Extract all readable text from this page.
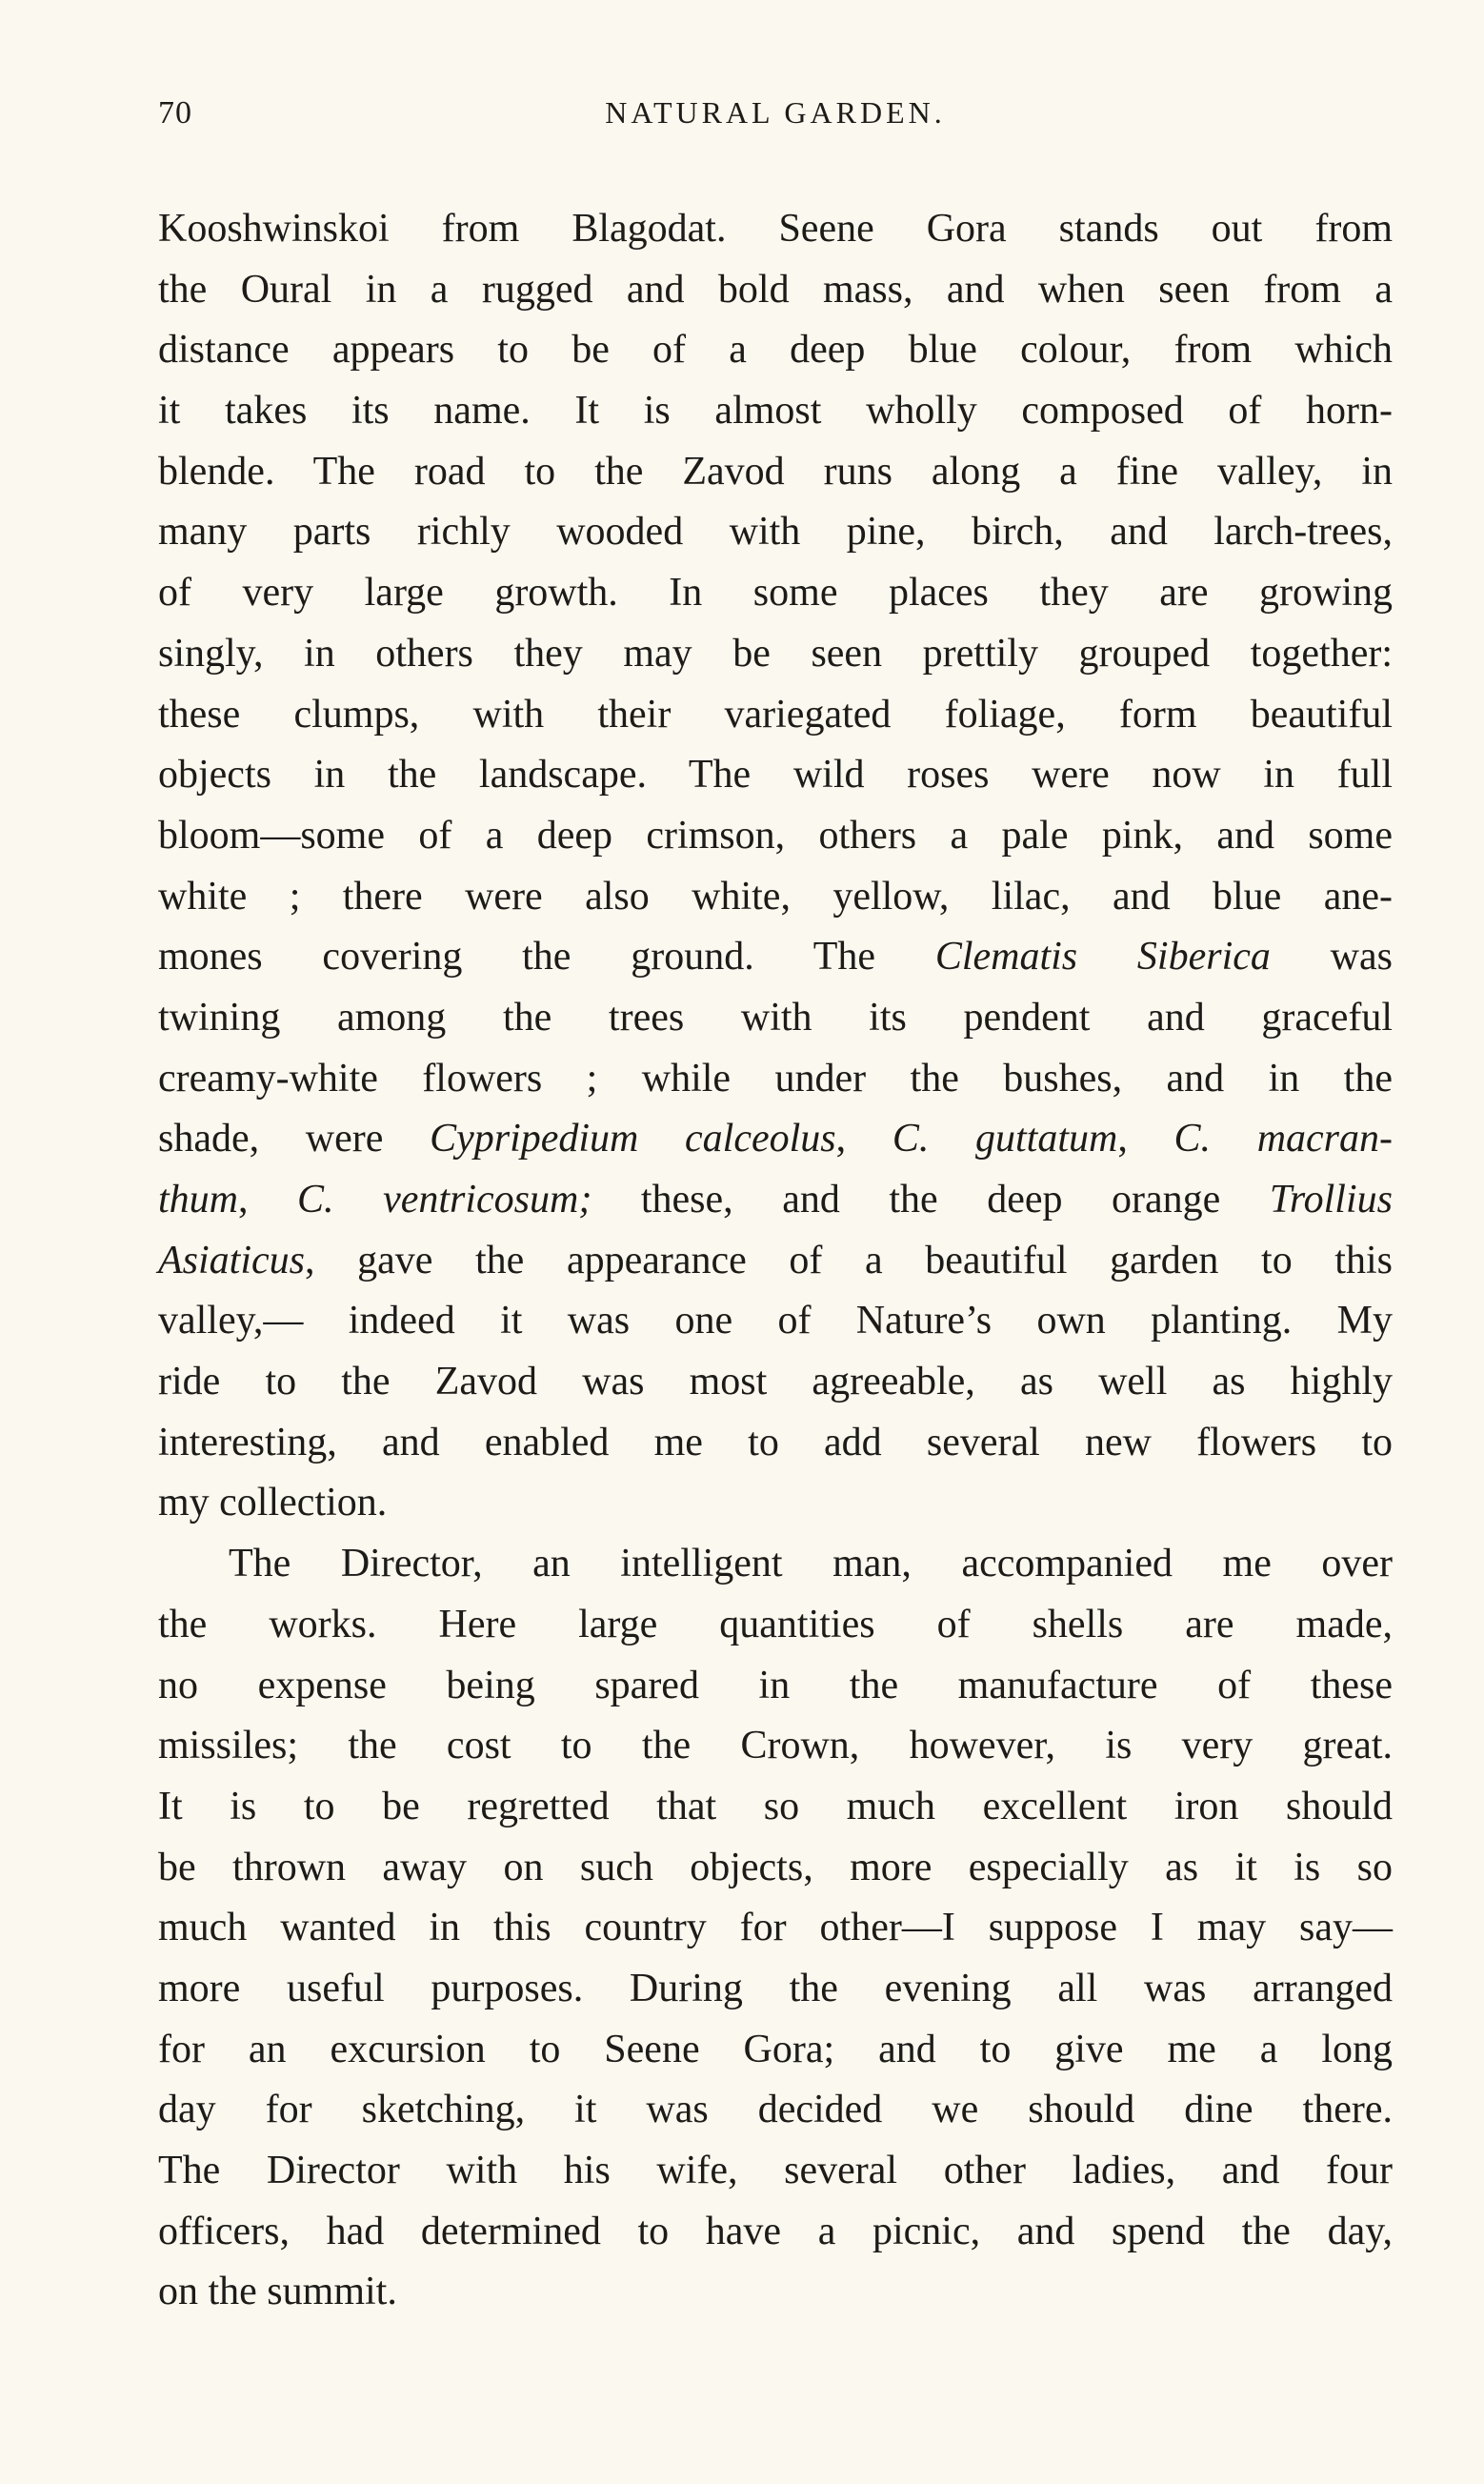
70	NATURAL GARDEN.
Kooshwinskoi from Blagodat. Seene Gora stands out from
the Oural in a rugged and bold mass, and when seen from a
distance appears to be of a deep blue colour, from which
it takes its name. It is almost wholly composed of horn-
blende. The road to the Zavod runs along a fine valley, in
many parts richly wooded with pine, birch, and larch-trees,
of very large growth. In some places they are growing
singly, in others they may be seen prettily grouped together:
these clumps, with their variegated foliage, form beautiful
objects in the landscape. The wild roses were now in full
bloom—some of a deep crimson, others a pale pink, and some
white ; there were also white, yellow, lilac, and blue ane-
mones covering the ground. The Clematis Siberica was
twining among the trees with its pendent and graceful
creamy-white flowers ; while under the bushes, and in the
shade, were Cypripedium calceolus, C. guttatum, C. macran-
thum, C. ventricosum; these, and the deep orange Trollius
Asiaticus, gave the appearance of a beautiful garden to this
valley,— indeed it was one of Nature’s own planting. My
ride to the Zavod was most agreeable, as well as highly
interesting, and enabled me to add several new flowers to
my collection.
The Director, an intelligent man, accompanied me over
the works. Here large quantities of shells are made,
no expense being spared in the manufacture of these
missiles; the cost to the Crown, however, is very great.
It is to be regretted that so much excellent iron should
be thrown away on such objects, more especially as it is so
much wanted in this country for other—I suppose I may say—
more useful purposes. During the evening all was arranged
for an excursion to Seene Gora; and to give me a long
day for sketching, it was decided we should dine there.
The Director with his wife, several other ladies, and four
officers, had determined to have a picnic, and spend the day,
on the summit.
